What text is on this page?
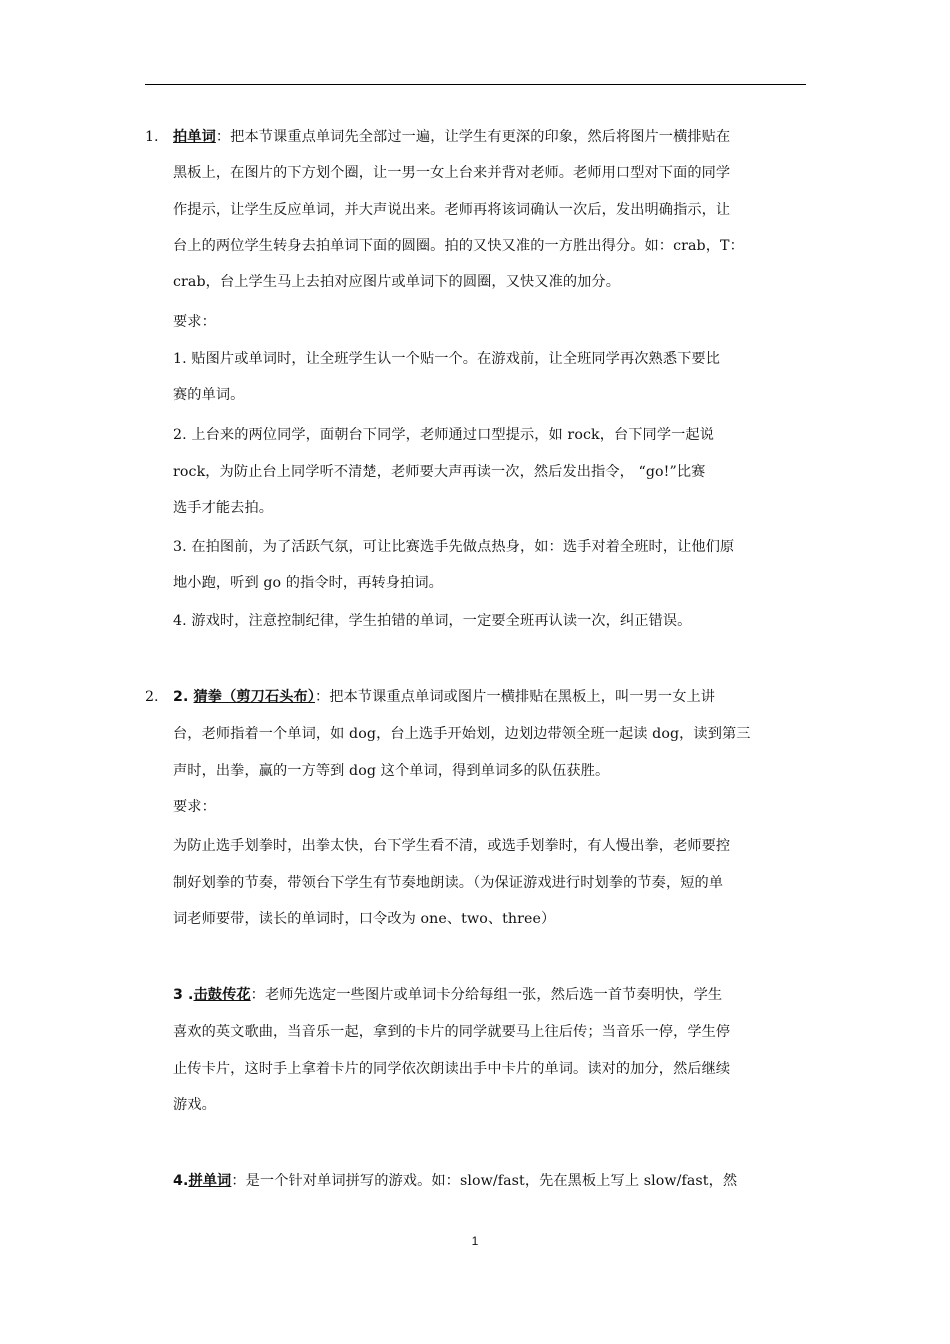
1. 拍单词：把本节课重点单词先全部过一遍，让学生有更深的印象，然后将图片一横排贴在
黑板上，在图片的下方划个圈，让一男一女上台来并背对老师。老师用口型对下面的同学
作提示，让学生反应单词，并大声说出来。老师再将该词确认一次后，发出明确指示，让
台上的两位学生转身去拍单词下面的圆圈。拍的又快又准的一方胜出得分。如：crab，T：
crab，台上学生马上去拍对应图片或单词下的圆圈，又快又准的加分。
要求：
1. 贴图片或单词时，让全班学生认一个贴一个。在游戏前，让全班同学再次熟悉下要比
赛的单词。
2. 上台来的两位同学，面朝台下同学，老师通过口型提示，如 rock，台下同学一起说
rock，为防止台上同学听不清楚，老师要大声再读一次，然后发出指令， “go!”比赛
选手才能去拍。
3. 在拍图前，为了活跃气氛，可让比赛选手先做点热身，如：选手对着全班时，让他们原
地小跑，听到 go 的指令时，再转身拍词。
4. 游戏时，注意控制纪律，学生拍错的单词，一定要全班再认读一次，纠正错误。
2. 2. 猜拳（剪刀石头布）：把本节课重点单词或图片一横排贴在黑板上，叫一男一女上讲
台，老师指着一个单词，如 dog，台上选手开始划，边划边带领全班一起读 dog，读到第三
声时，出拳，赢的一方等到 dog 这个单词，得到单词多的队伍获胜。
要求：
为防止选手划拳时，出拳太快，台下学生看不清，或选手划拳时，有人慢出拳，老师要控
制好划拳的节奏，带领台下学生有节奏地朗读。（为保证游戏进行时划拳的节奏，短的单
词老师要带，读长的单词时，口令改为 one、two、three）
3 .击鼓传花：老师先选定一些图片或单词卡分给每组一张，然后选一首节奏明快，学生
喜欢的英文歌曲，当音乐一起，拿到的卡片的同学就要马上往后传；当音乐一停，学生停
止传卡片，这时手上拿着卡片的同学依次朗读出手中卡片的单词。读对的加分，然后继续
游戏。
4.拼单词：是一个针对单词拼写的游戏。如：slow/fast，先在黑板上写上 slow/fast，然
1
